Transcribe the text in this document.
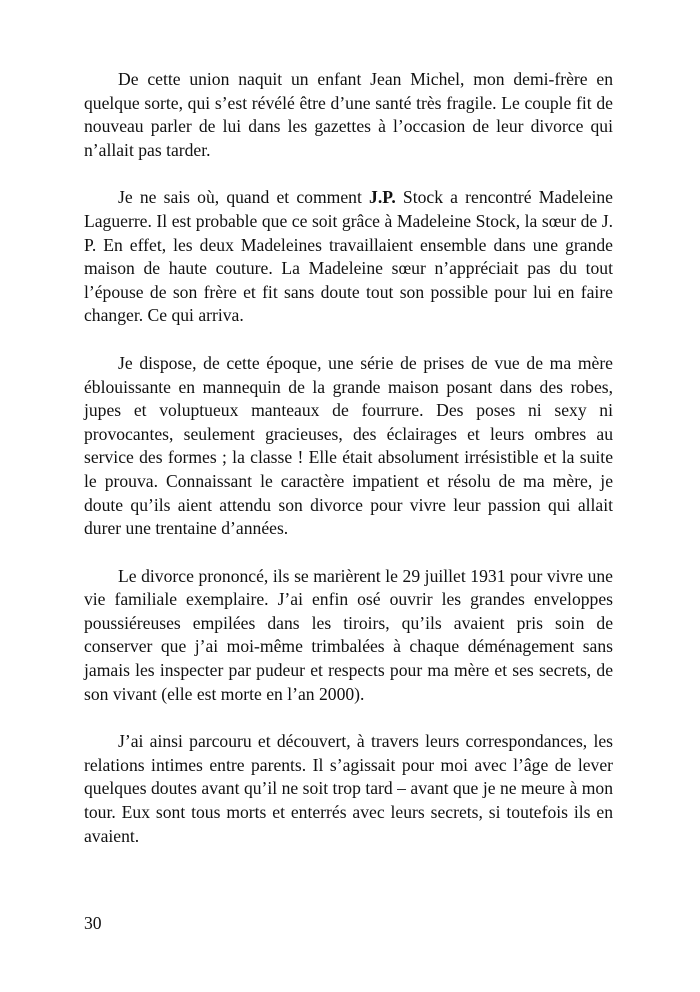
De cette union naquit un enfant Jean Michel, mon demi-frère en quelque sorte, qui s’est révélé être d’une santé très fragile. Le couple fit de nouveau parler de lui dans les gazettes à l’occasion de leur divorce qui n’allait pas tarder.

Je ne sais où, quand et comment J.P. Stock a rencontré Madeleine Laguerre. Il est probable que ce soit grâce à Madeleine Stock, la sœur de J. P. En effet, les deux Madeleines travaillaient ensemble dans une grande maison de haute couture. La Madeleine sœur n’appréciait pas du tout l’épouse de son frère et fit sans doute tout son possible pour lui en faire changer. Ce qui arriva.

Je dispose, de cette époque, une série de prises de vue de ma mère éblouissante en mannequin de la grande maison posant dans des robes, jupes et voluptueux manteaux de fourrure. Des poses ni sexy ni provocantes, seulement gracieuses, des éclairages et leurs ombres au service des formes ; la classe ! Elle était absolument irrésistible et la suite le prouva. Connaissant le caractère impatient et résolu de ma mère, je doute qu’ils aient attendu son divorce pour vivre leur passion qui allait durer une trentaine d’années.

Le divorce prononcé, ils se marièrent le 29 juillet 1931 pour vivre une vie familiale exemplaire. J’ai enfin osé ouvrir les grandes enveloppes poussiéreuses empilées dans les tiroirs, qu’ils avaient pris soin de conserver que j’ai moi-même trimbalées à chaque déménagement sans jamais les inspecter par pudeur et respects pour ma mère et ses secrets, de son vivant (elle est morte en l’an 2000).

J’ai ainsi parcouru et découvert, à travers leurs correspondances, les relations intimes entre parents. Il s’agissait pour moi avec l’âge de lever quelques doutes avant qu’il ne soit trop tard – avant que je ne meure à mon tour. Eux sont tous morts et enterrés avec leurs secrets, si toutefois ils en avaient.

30
